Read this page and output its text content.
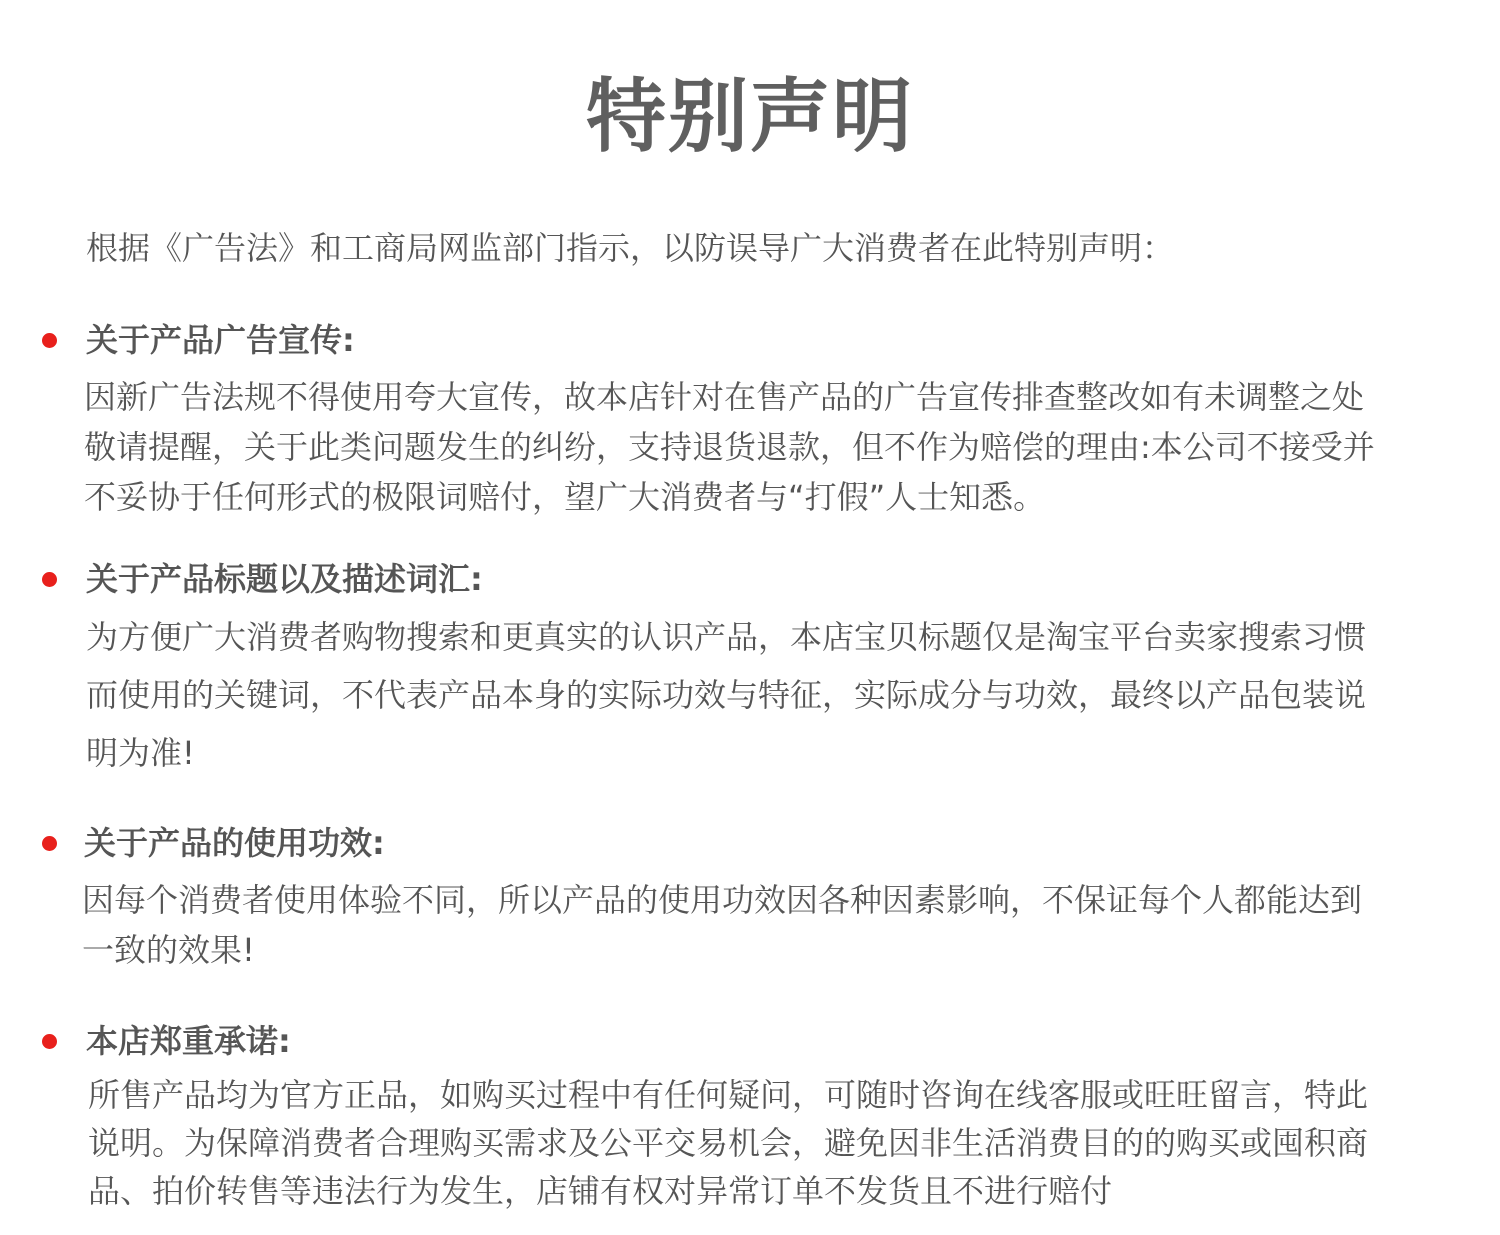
特别声明
根据《广告法》和工商局网监部门指示，以防误导广大消费者在此特别声明：
关于产品广告宣传:
因新广告法规不得使用夸大宣传，故本店针对在售产品的广告宣传排查整改如有未调整之处
敬请提醒，关于此类问题发生的纠纷，支持退货退款，但不作为赔偿的理由:本公司不接受并
不妥协于任何形式的极限词赔付，望广大消费者与“打假”人士知悉。
关于产品标题以及描述词汇:
为方便广大消费者购物搜索和更真实的认识产品，本店宝贝标题仅是淘宝平台卖家搜索习惯
而使用的关键词，不代表产品本身的实际功效与特征，实际成分与功效，最终以产品包装说
明为准!
关于产品的使用功效:
因每个消费者使用体验不同，所以产品的使用功效因各种因素影响，不保证每个人都能达到
一致的效果!
本店郑重承诺:
所售产品均为官方正品，如购买过程中有任何疑问，可随时咨询在线客服或旺旺留言，特此
说明。为保障消费者合理购买需求及公平交易机会，避免因非生活消费目的的购买或囤积商
品、拍价转售等违法行为发生，店铺有权对异常订单不发货且不进行赔付
